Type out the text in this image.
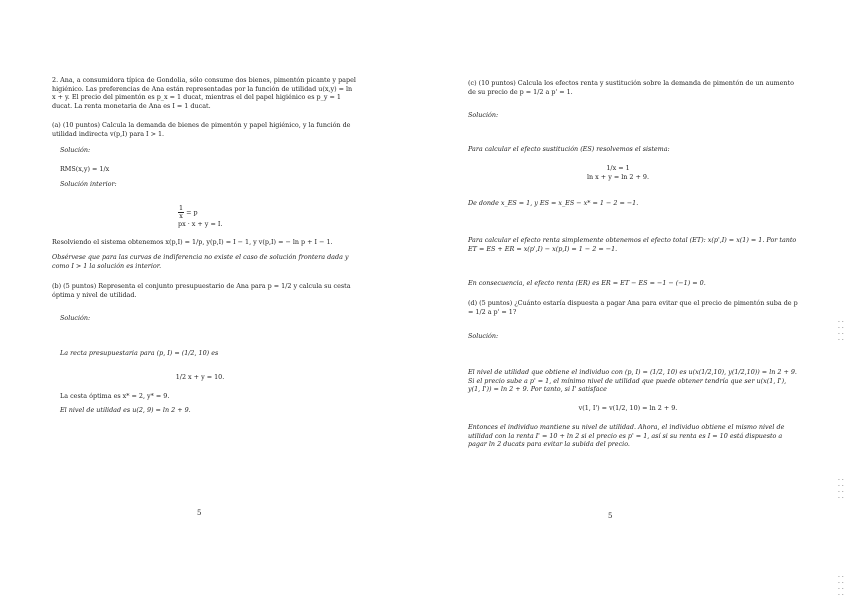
2. Ana, a consumidora típica de Gondolia, sólo consume dos bienes, pimentón picante y papel higiénico. Las preferencias de Ana están representadas por la función de utilidad u(x,y) = ln x + y. El precio del pimentón es p_x = 1 ducat, mientras el del papel higiénico es p_y = 1 ducat. La renta monetaria de Ana es I = 1 ducat.
(a) (10 puntos) Calcula la demanda de bienes de pimentón y papel higiénico, y la función de utilidad indirecta v(p,I) para I > 1.
Solución:
RMS(x,y) = 1/x
Solución interior:
$\frac{1}{x} = p$
px · x + y = I.
Resolviendo el sistema obtenemos x(p,I) = 1/p, y(p,I) = I − 1, y v(p,I) = − ln p + I − 1.
Obsérvese que para las curvas de indiferencia no existe el caso de solución frontera dada y como I > 1 la solución es interior.
(b) (5 puntos) Representa el conjunto presupuestario de Ana para p = 1/2 y calcula su cesta óptima y nivel de utilidad.
Solución:
La recta presupuestaria para (p, I) = (1/2, 10) es
1/2 x + y = 10.
La cesta óptima es x* = 2, y* = 9.
El nivel de utilidad es u(2, 9) = ln 2 + 9.
5
(c) (10 puntos) Calcula los efectos renta y sustitución sobre la demanda de pimentón de un aumento de su precio de p = 1/2 a p' = 1.
Solución:
Para calcular el efecto sustitución (ES) resolvemos el sistema:
1/x = 1
ln x + y = ln 2 + 9.
De donde x_ES = 1, y ES = x_ES − x* = 1 − 2 = −1.
Para calcular el efecto renta simplemente obtenemos el efecto total (ET): x(p',I) = x(1) = 1. Por tanto ET = ES + ER = x(p',I) − x(p,I) = 1 − 2 = −1.
En consecuencia, el efecto renta (ER) es ER = ET − ES = −1 − (−1) = 0.
(d) (5 puntos) ¿Cuánto estaría dispuesta a pagar Ana para evitar que el precio de pimentón suba de p = 1/2 a p' = 1?
Solución:
El nivel de utilidad que obtiene el individuo con (p, I) = (1/2, 10) es u(x(1/2,10), y(1/2,10)) = ln 2 + 9. Si el precio sube a p' = 1, el mínimo nivel de utilidad que puede obtener tendría que ser u(x(1, I'), y(1, I')) = ln 2 + 9. Por tanto, si I' satisface
v(1, I') = v(1/2, 10) = ln 2 + 9.
Entonces el individuo mantiene su nivel de utilidad. Ahora, el individuo obtiene el mismo nivel de utilidad con la renta I' = 10 + ln 2 si el precio es p' = 1, así si su renta es I = 10 está dispuesto a pagar ln 2 ducats para evitar la subida del precio.
5
· · · · · · · ·
· · · · · · · ·
· · · · · · · ·
